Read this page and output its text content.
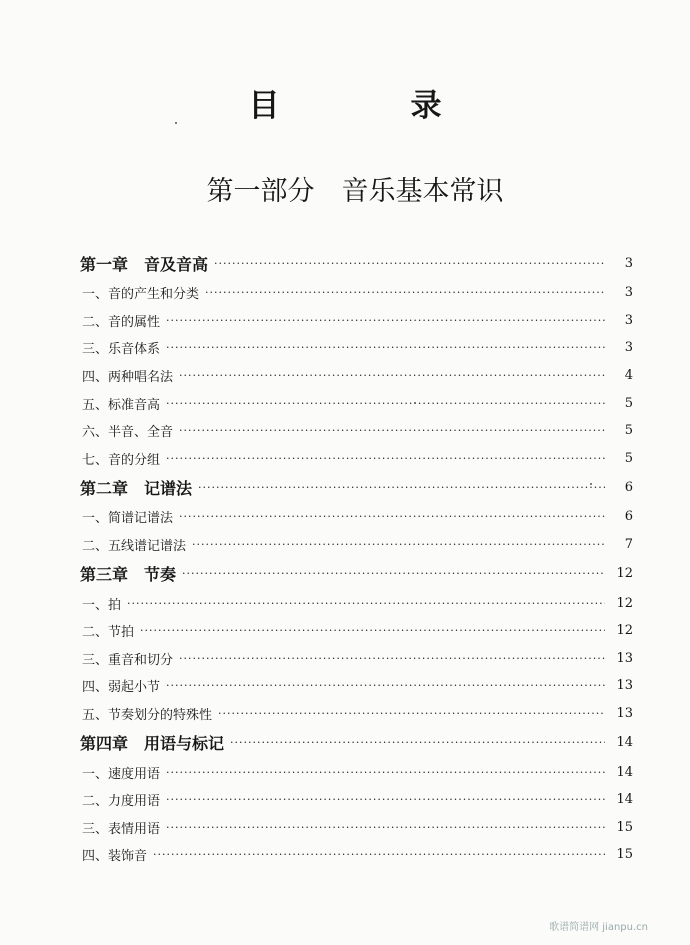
目　录
第一部分　音乐基本常识
第一章　音及音高 ·····	3
一、音的产生和分类 ·····	3
二、音的属性 ·····	3
三、乐音体系 ·····	3
四、两种唱名法 ·····	4
五、标准音高 ·····	5
六、半音、全音 ·····	5
七、音的分组 ·····	5
第二章　记谱法 ·····	6
一、简谱记谱法 ·····	6
二、五线谱记谱法 ·····	7
第三章　节奏 ·····	12
一、拍 ·····	12
二、节拍 ·····	12
三、重音和切分 ·····	13
四、弱起小节 ·····	13
五、节奏划分的特殊性 ·····	13
第四章　用语与标记 ·····	14
一、速度用语 ·····	14
二、力度用语 ·····	14
三、表情用语 ·····	15
四、装饰音 ·····	15
歌谱简谱网 jianpu.cn
